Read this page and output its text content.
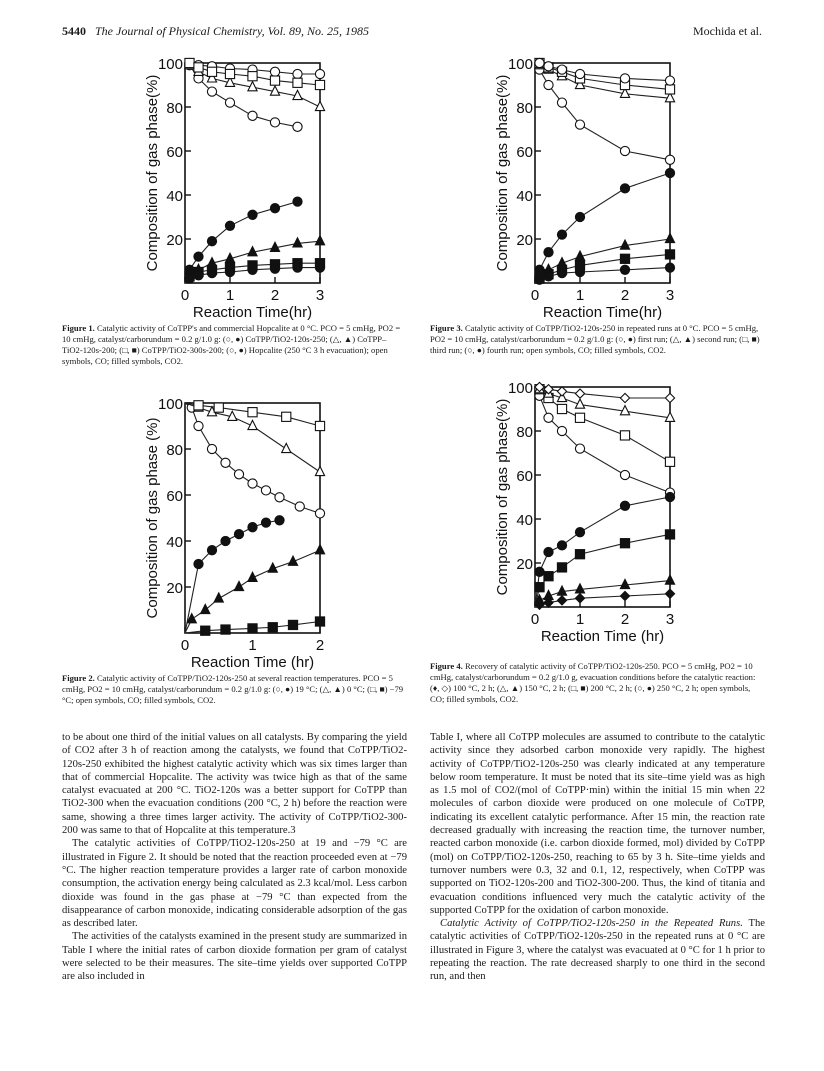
5440 The Journal of Physical Chemistry, Vol. 89, No. 25, 1985	Mochida et al.
20
40
60
80
100
0 1 2 3
Reaction Time(hr)
Composition of gas phase(%)
Figure 1. Catalytic activity of CoTPP's and commercial Hopcalite at 0 °C. PCO = 5 cmHg, PO2 = 10 cmHg, catalyst/carborundum = 0.2 g/1.0 g: (○, ●) CoTPP/TiO2-120s-250; (△, ▲) CoTPP–TiO2-120s-200; (□, ■) CoTPP/TiO2-300s-200; (○, ●) Hopcalite (250 °C 3 h evacuation); open symbols, CO; filled symbols, CO2.
20
40
60
80
100
0	1	2
Reaction Time (hr)
Composition of gas phase (%)
Figure 2. Catalytic activity of CoTPP/TiO2-120s-250 at several reaction temperatures. PCO = 5 cmHg, PO2 = 10 cmHg, catalyst/carborundum = 0.2 g/1.0 g: (○, ●) 19 °C; (△, ▲) 0 °C; (□, ■) −79 °C; open symbols, CO; filled symbols, CO2.
20
40
60
80
100
0 1 2 3
Reaction Time(hr)
Composition of gas phase(%)
Figure 3. Catalytic activity of CoTPP/TiO2-120s-250 in repeated runs at 0 °C. PCO = 5 cmHg, PO2 = 10 cmHg, catalyst/carborundum = 0.2 g/1.0 g: (○, ●) first run; (△, ▲) second run; (□, ■) third run; (○, ●) fourth run; open symbols, CO; filled symbols, CO2.
20
40
60
80
100
0 1 2 3
Reaction Time (hr)
Composition of gas phase(%)
Figure 4. Recovery of catalytic activity of CoTPP/TiO2-120s-250. PCO = 5 cmHg, PO2 = 10 cmHg, catalyst/carborundum = 0.2 g/1.0 g, evacuation conditions before the catalytic reaction: (♦, ◇) 100 °C, 2 h; (△, ▲) 150 °C, 2 h; (□, ■) 200 °C, 2 h; (○, ●) 250 °C, 2 h; open symbols, CO; filled symbols, CO2.

to be about one third of the initial values on all catalysts. By comparing the yield of CO2 after 3 h of reaction among the catalysts, we found that CoTPP/TiO2-120s-250 exhibited the highest catalytic activity which was six times larger than that of commercial Hopcalite. The activity was twice high as that of the same catalyst evacuated at 200 °C. TiO2-120s was a better support for CoTPP than TiO2-300 when the evacuation conditions (200 °C, 2 h) before the reaction were same, showing a three times larger activity. The activity of CoTPP/TiO2-300-200 was same to that of Hopcalite at this temperature.3

The catalytic activities of CoTPP/TiO2-120s-250 at 19 and −79 °C are illustrated in Figure 2. It should be noted that the reaction proceeded even at −79 °C. The higher reaction temperature provides a larger rate of carbon monoxide consumption, the activation energy being calculated as 2.3 kcal/mol. Less carbon dioxide was found in the gas phase at −79 °C than expected from the disappearance of carbon monoxide, indicating considerable adsorption of the gas as described later.

The activities of the catalysts examined in the present study are summarized in Table I where the initial rates of carbon dioxide formation per gram of catalyst were selected to be their measures. The site–time yields over supported CoTPP are also included in

Table I, where all CoTPP molecules are assumed to contribute to the catalytic activity since they adsorbed carbon monoxide very rapidly. The highest activity of CoTPP/TiO2-120s-250 was clearly indicated at any temperature below room temperature. It must be noted that its site–time yield was as high as 1.5 mol of CO2/(mol of CoTPP·min) within the initial 15 min when 22 molecules of carbon dioxide were produced on one molecule of CoTPP, indicating its excellent catalytic performance. After 15 min, the reaction rate decreased gradually with increasing the reaction time, the turnover number, reacted carbon monoxide (i.e. carbon dioxide formed, mol) divided by CoTPP (mol) on CoTPP/TiO2-120s-250, reaching to 65 by 3 h. Site–time yields and turnover numbers were 0.3, 32 and 0.1, 12, respectively, when CoTPP was supported on TiO2-120s-200 and TiO2-300-200. Thus, the kind of titania and evacuation conditions influenced very much the catalytic activity of the supported CoTPP for the oxidation of carbon monoxide.

Catalytic Activity of CoTPP/TiO2-120s-250 in the Repeated Runs. The catalytic activities of CoTPP/TiO2-120s-250 in the repeated runs at 0 °C are illustrated in Figure 3, where the catalyst was evacuated at 0 °C for 1 h prior to repeating the reaction. The rate decreased sharply to one third in the second run, and then
